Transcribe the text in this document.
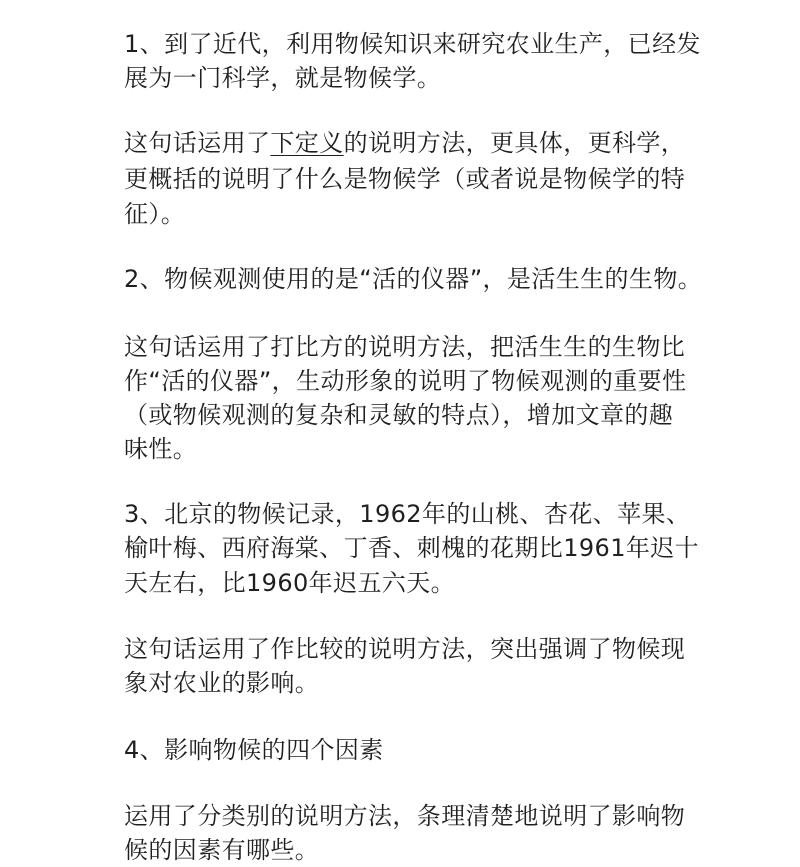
1、到了近代，利用物候知识来研究农业生产，已经发
展为一门科学，就是物候学。
这句话运用了下定义的说明方法，更具体，更科学，
更概括的说明了什么是物候学（或者说是物候学的特
征）。
2、物候观测使用的是“活的仪器”，是活生生的生物。
这句话运用了打比方的说明方法，把活生生的生物比
作“活的仪器”，生动形象的说明了物候观测的重要性
（或物候观测的复杂和灵敏的特点），增加文章的趣
味性。
3、北京的物候记录，1962年的山桃、杏花、苹果、
榆叶梅、西府海棠、丁香、刺槐的花期比1961年迟十
天左右，比1960年迟五六天。
这句话运用了作比较的说明方法，突出强调了物候现
象对农业的影响。
4、影响物候的四个因素
运用了分类别的说明方法，条理清楚地说明了影响物
候的因素有哪些。
